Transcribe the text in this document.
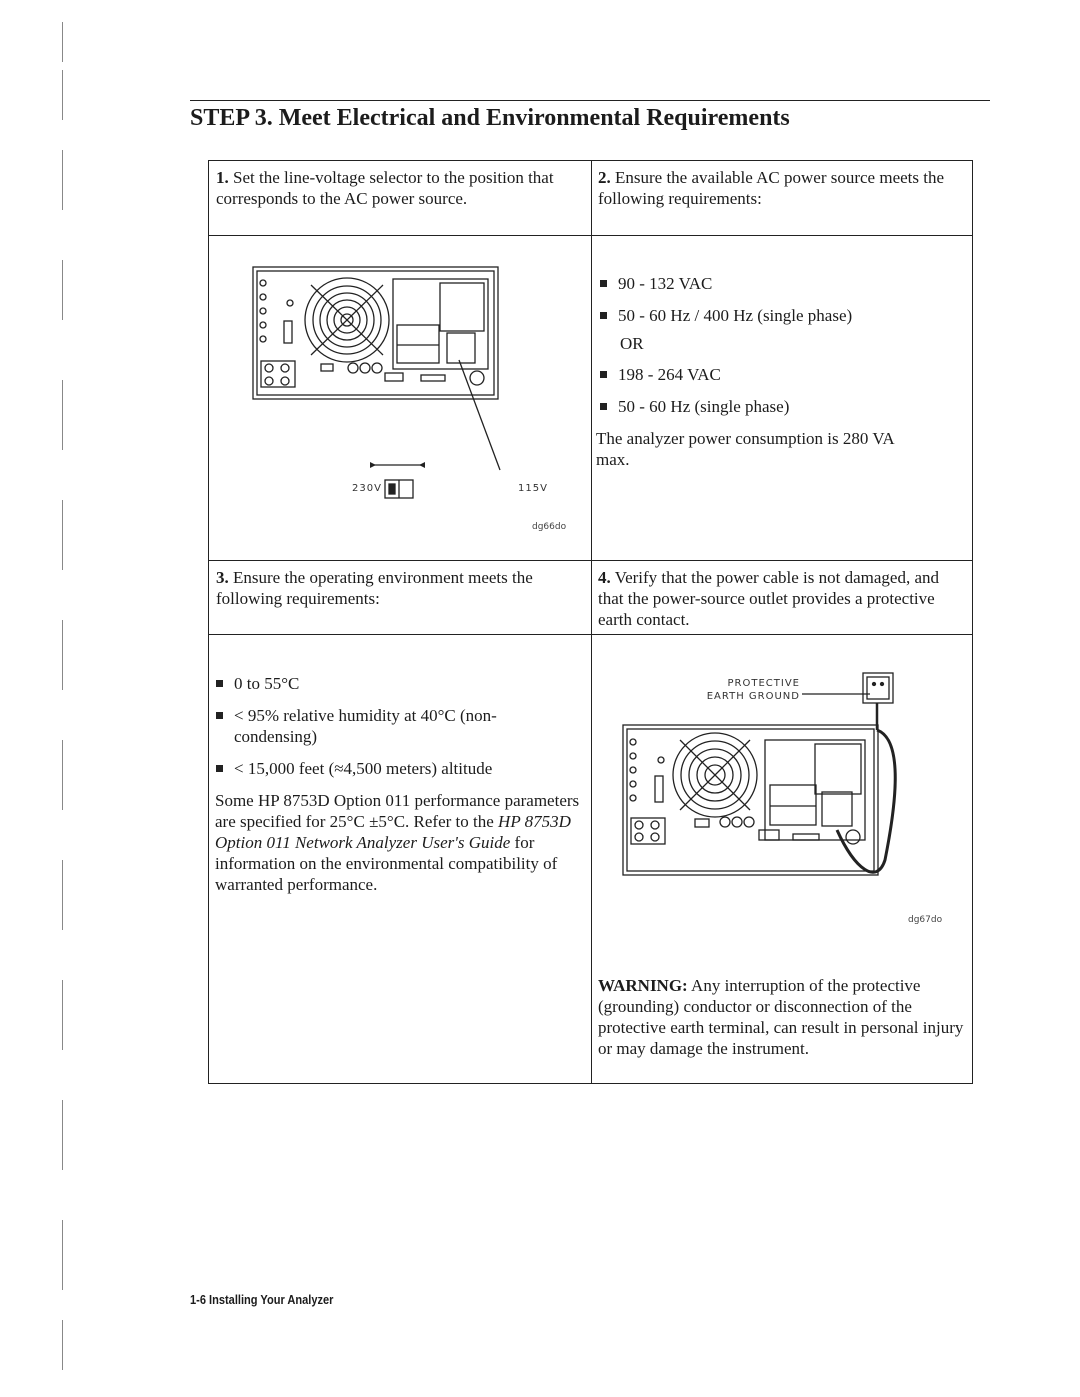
STEP 3. Meet Electrical and Environmental Requirements
1. Set the line-voltage selector to the position that corresponds to the AC power source.
2. Ensure the available AC power source meets the following requirements:
230V	115V
dg66do
90 - 132 VAC
50 - 60 Hz / 400 Hz (single phase)

OR

198 - 264 VAC
50 - 60 Hz (single phase)

The analyzer power consumption is 280 VA max.

3. Ensure the operating environment meets the following requirements:
4. Verify that the power cable is not damaged, and that the power-source outlet provides a protective earth contact.
0 to 55°C
< 95% relative humidity at 40°C (non-condensing)
< 15,000 feet (≈4,500 meters) altitude

Some HP 8753D Option 011 performance parameters are specified for 25°C ±5°C. Refer to the HP 8753D Option 011 Network Analyzer User's Guide for information on the environmental compatibility of warranted performance.

PROTECTIVE
EARTH GROUND
dg67do
WARNING: Any interruption of the protective (grounding) conductor or disconnection of the protective earth terminal, can result in personal injury or may damage the instrument.
1-6 Installing Your Analyzer
